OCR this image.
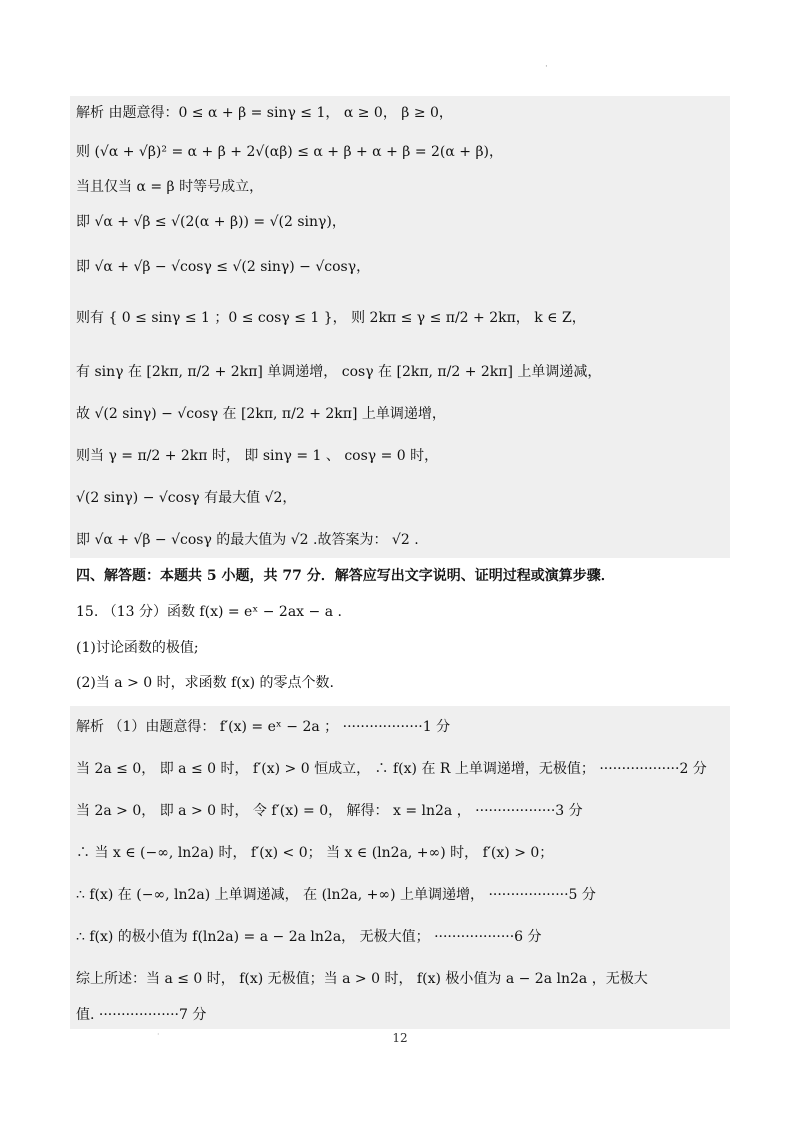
·
解析 由题意得：0 ≤ α + β = sinγ ≤ 1， α ≥ 0， β ≥ 0，
则 (√α + √β)² = α + β + 2√(αβ) ≤ α + β + α + β = 2(α + β)，
当且仅当 α = β 时等号成立，
即 √α + √β ≤ √(2(α + β)) = √(2 sinγ)，
即 √α + √β − √cosγ ≤ √(2 sinγ) − √cosγ，
则有 { 0 ≤ sinγ ≤ 1 ；0 ≤ cosγ ≤ 1 }， 则 2kπ ≤ γ ≤ π/2 + 2kπ， k ∈ Z，
有 sinγ 在 [2kπ, π/2 + 2kπ] 单调递增， cosγ 在 [2kπ, π/2 + 2kπ] 上单调递减，
故 √(2 sinγ) − √cosγ 在 [2kπ, π/2 + 2kπ] 上单调递增，
则当 γ = π/2 + 2kπ 时， 即 sinγ = 1 、 cosγ = 0 时，
√(2 sinγ) − √cosγ 有最大值 √2，
即 √α + √β − √cosγ 的最大值为 √2 .故答案为： √2 .
四、解答题：本题共 5 小题，共 77 分．解答应写出文字说明、证明过程或演算步骤．
15. （13 分）函数 f(x) = eˣ − 2ax − a .
(1)讨论函数的极值;
(2)当 a > 0 时，求函数 f(x) 的零点个数.
解析 （1）由题意得： f′(x) = eˣ − 2a ； ··················1 分
当 2a ≤ 0， 即 a ≤ 0 时， f′(x) > 0 恒成立， ∴ f(x) 在 R 上单调递增，无极值； ··················2 分
当 2a > 0， 即 a > 0 时， 令 f′(x) = 0， 解得： x = ln2a ， ··················3 分
∴ 当 x ∈ (−∞, ln2a) 时， f′(x) < 0； 当 x ∈ (ln2a, +∞) 时， f′(x) > 0；
∴ f(x) 在 (−∞, ln2a) 上单调递减， 在 (ln2a, +∞) 上单调递增， ··················5 分
∴ f(x) 的极小值为 f(ln2a) = a − 2a ln2a， 无极大值； ··················6 分
综上所述：当 a ≤ 0 时， f(x) 无极值；当 a > 0 时， f(x) 极小值为 a − 2a ln2a ，无极大
值. ··················7 分
·	12
